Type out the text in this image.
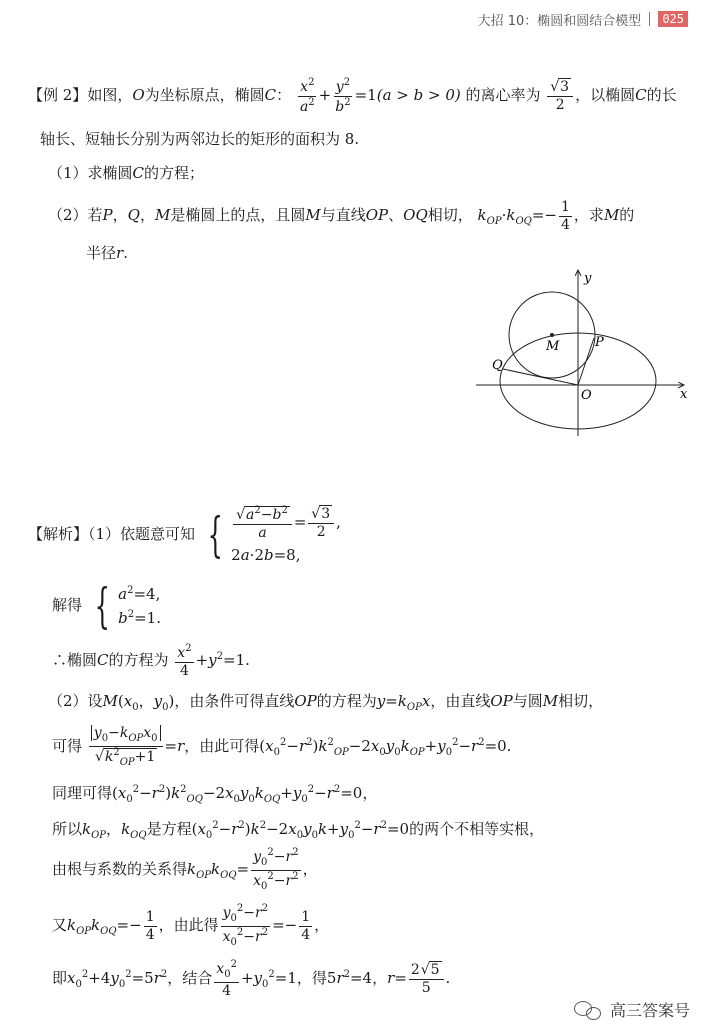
大招 10：椭圆和圆结合模型	025
【例 2】如图，O为坐标原点，椭圆C： $\frac{x^2}{a^2} + \frac{y^2}{b^2} =1(a > b > 0)$ 的离心率为 √ $\frac{3}{2}$ ，以椭圆C的长
轴长、短轴长分别为两邻边长的矩形的面积为 8.
（1）求椭圆C的方程；
（2）若P，Q，M是椭圆上的点，且圆M与直线OP、OQ相切， $k_{OP}\cdot k_{OQ}=- \frac{1}{4}$ ，求M的
半径r.
y
x
M	P
Q
O
【解析】（1）依题意可知 { √ $\frac{a^2-b^2}{a}$ = √ $\frac{3}{2}$ ,
2a·2b=8,
解得 { $a^2=4$,
$b^2=1$.
∴椭圆C的方程为 $\frac{x^2}{4} +y^2=1$.
（2）设$M(x_0$，$y_0$)，由条件可得直线OP的方程为$y=k_{OP}x$，由直线OP与圆M相切，
可得 $y_0-k_{OP}x_0$
√ $k^2_{OP}+1 =r$，由此可得$(x_0^2-r^2)k^2_{OP}-2x_0y_0k_{OP}+y_0^2-r^2=0$.
同理可得$(x_0^2-r^2)k^2_{OQ}-2x_0y_0k_{OQ}+y_0^2-r^2=0$，
所以$k_{OP}$，$k_{OQ}$是方程$(x_0^2-r^2)k^2-2x_0y_0k+y_0^2-r^2=0$的两个不相等实根，
由根与系数的关系得$k_{OP}k_{OQ}= \frac{y_0^2-r^2}{x_0^2-r^2}$ ，
又$k_{OP}k_{OQ}=- \frac{1}{4}$ ，由此得 $\frac{y_0^2-r^2}{x_0^2-r^2} =- \frac{1}{4}$ ，
即$x_0^2+4y_0^2=5r^2$，结合 $\frac{x_0^2}{4} +y_0^2=1$，得$5r^2=4$，$r= \frac{2 √ 5}{5}$ .
高三答案号
